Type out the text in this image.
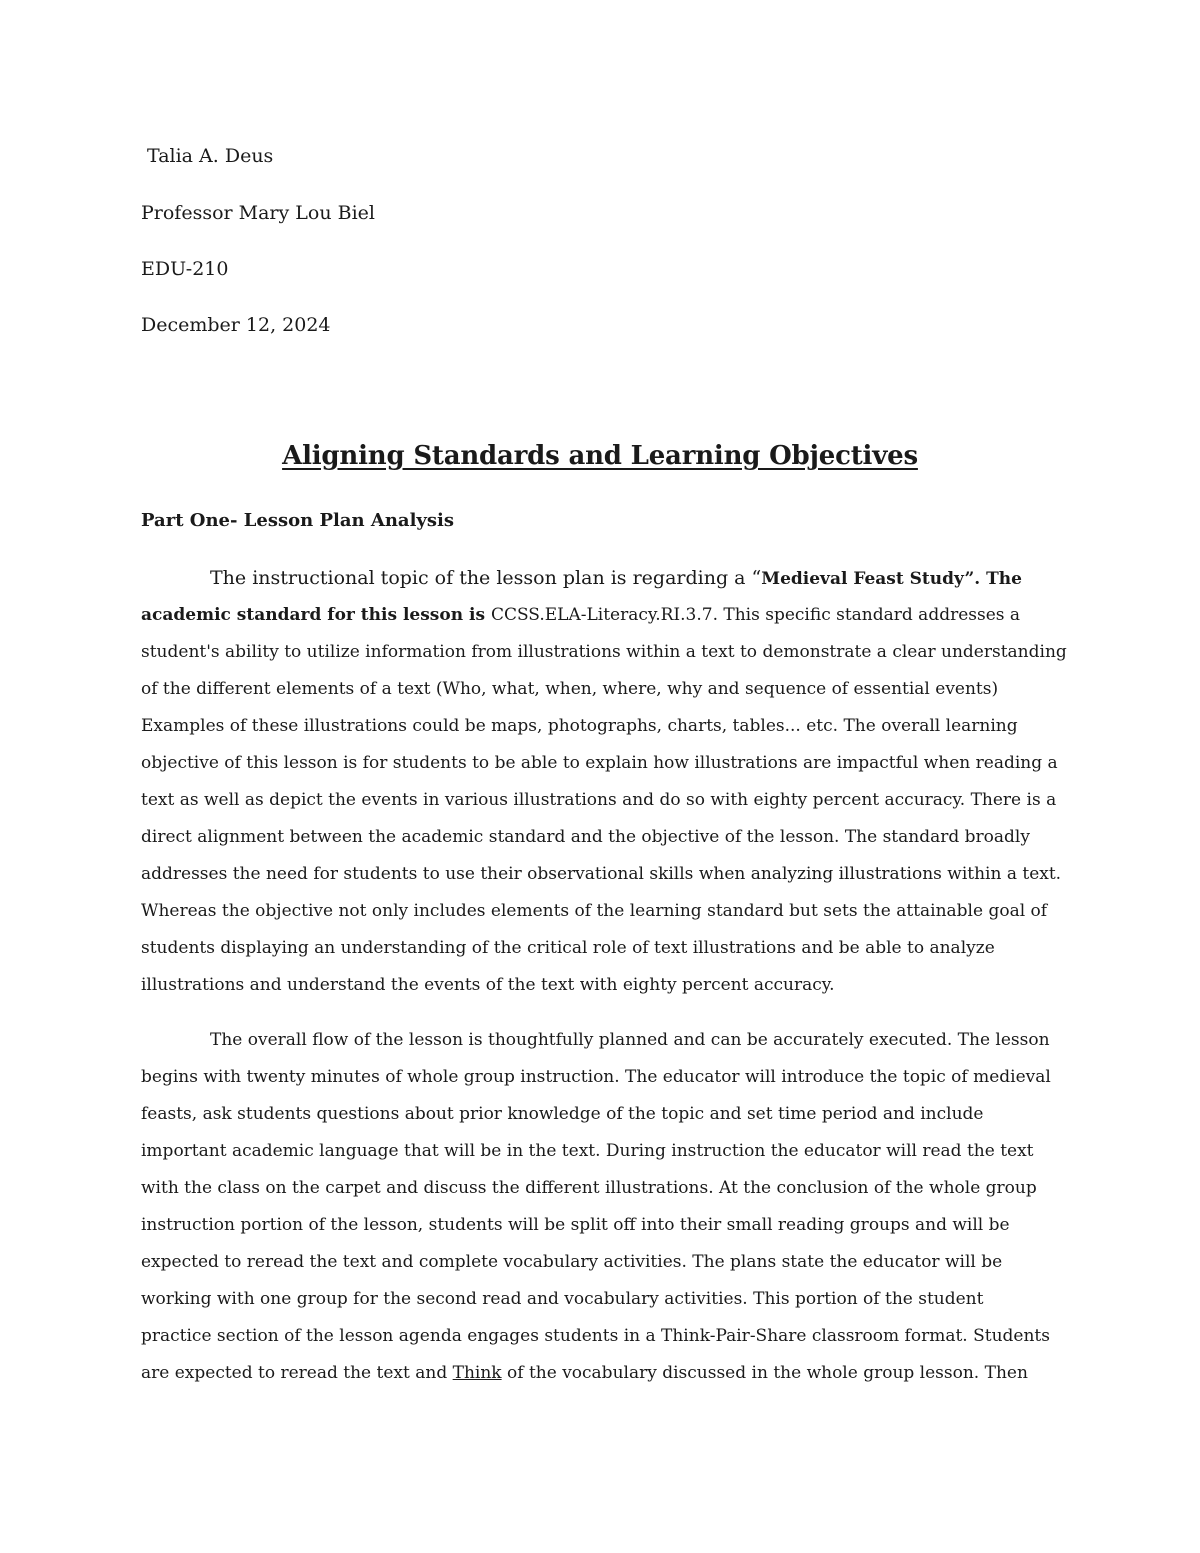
Talia A. Deus
Professor Mary Lou Biel
EDU-210
December 12, 2024
Aligning Standards and Learning Objectives
Part One- Lesson Plan Analysis
The instructional topic of the lesson plan is regarding a “Medieval Feast Study”. The
academic standard for this lesson is CCSS.ELA-Literacy.RI.3.7. This specific standard addresses a
student's ability to utilize information from illustrations within a text to demonstrate a clear understanding
of the different elements of a text (Who, what, when, where, why and sequence of essential events)
Examples of these illustrations could be maps, photographs, charts, tables... etc. The overall learning
objective of this lesson is for students to be able to explain how illustrations are impactful when reading a
text as well as depict the events in various illustrations and do so with eighty percent accuracy. There is a
direct alignment between the academic standard and the objective of the lesson. The standard broadly
addresses the need for students to use their observational skills when analyzing illustrations within a text.
Whereas the objective not only includes elements of the learning standard but sets the attainable goal of
students displaying an understanding of the critical role of text illustrations and be able to analyze
illustrations and understand the events of the text with eighty percent accuracy.
The overall flow of the lesson is thoughtfully planned and can be accurately executed. The lesson
begins with twenty minutes of whole group instruction. The educator will introduce the topic of medieval
feasts, ask students questions about prior knowledge of the topic and set time period and include
important academic language that will be in the text. During instruction the educator will read the text
with the class on the carpet and discuss the different illustrations. At the conclusion of the whole group
instruction portion of the lesson, students will be split off into their small reading groups and will be
expected to reread the text and complete vocabulary activities. The plans state the educator will be
working with one group for the second read and vocabulary activities. This portion of the student
practice section of the lesson agenda engages students in a Think-Pair-Share classroom format. Students
are expected to reread the text and Think of the vocabulary discussed in the whole group lesson. Then
